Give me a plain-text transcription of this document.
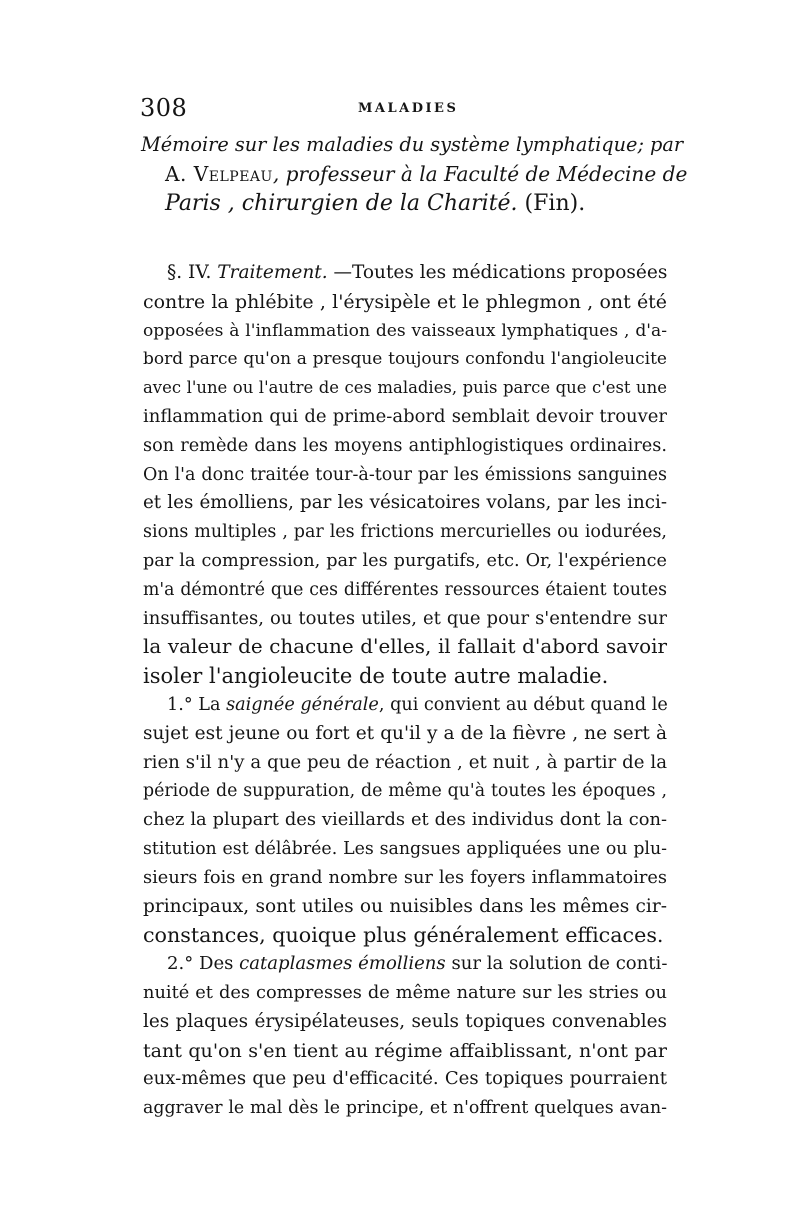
308	MALADIES
Mémoire sur les maladies du système lymphatique; par
A. Velpeau, professeur à la Faculté de Médecine de
Paris , chirurgien de la Charité. (Fin).
§. IV. Traitement. —Toutes les médications proposées
contre la phlébite , l'érysipèle et le phlegmon , ont été
opposées à l'inflammation des vaisseaux lymphatiques , d'a-
bord parce qu'on a presque toujours confondu l'angioleucite
avec l'une ou l'autre de ces maladies, puis parce que c'est une
inflammation qui de prime-abord semblait devoir trouver
son remède dans les moyens antiphlogistiques ordinaires.
On l'a donc traitée tour-à-tour par les émissions sanguines
et les émolliens, par les vésicatoires volans, par les inci-
sions multiples , par les frictions mercurielles ou iodurées,
par la compression, par les purgatifs, etc. Or, l'expérience
m'a démontré que ces différentes ressources étaient toutes
insuffisantes, ou toutes utiles, et que pour s'entendre sur
la valeur de chacune d'elles, il fallait d'abord savoir
isoler l'angioleucite de toute autre maladie.
1.° La saignée générale, qui convient au début quand le
sujet est jeune ou fort et qu'il y a de la fièvre , ne sert à
rien s'il n'y a que peu de réaction , et nuit , à partir de la
période de suppuration, de même qu'à toutes les époques ,
chez la plupart des vieillards et des individus dont la con-
stitution est délâbrée. Les sangsues appliquées une ou plu-
sieurs fois en grand nombre sur les foyers inflammatoires
principaux, sont utiles ou nuisibles dans les mêmes cir-
constances, quoique plus généralement efficaces.
2.° Des cataplasmes émolliens sur la solution de conti-
nuité et des compresses de même nature sur les stries ou
les plaques érysipélateuses, seuls topiques convenables
tant qu'on s'en tient au régime affaiblissant, n'ont par
eux-mêmes que peu d'efficacité. Ces topiques pourraient
aggraver le mal dès le principe, et n'offrent quelques avan-
